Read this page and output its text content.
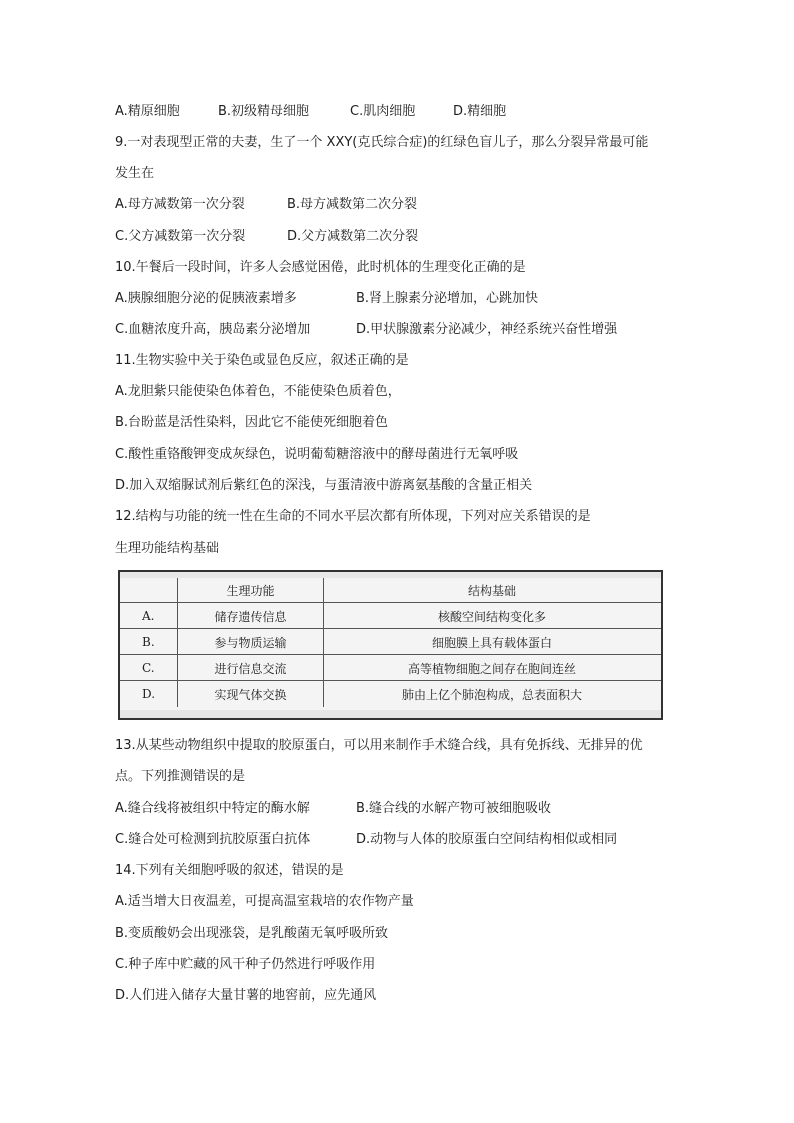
A.精原细胞	B.初级精母细胞	C.肌肉细胞	D.精细胞
9.一对表现型正常的夫妻，生了一个 XXY(克氏综合症)的红绿色盲儿子，那么分裂异常最可能
发生在
A.母方减数第一次分裂	B.母方减数第二次分裂
C.父方减数第一次分裂	D.父方减数第二次分裂
10.午餐后一段时间，许多人会感觉困倦，此时机体的生理变化正确的是
A.胰腺细胞分泌的促胰液素增多	B.肾上腺素分泌增加，心跳加快
C.血糖浓度升高，胰岛素分泌增加	D.甲状腺激素分泌减少，神经系统兴奋性增强
11.生物实验中关于染色或显色反应，叙述正确的是
A.龙胆紫只能使染色体着色，不能使染色质着色，
B.台盼蓝是活性染料，因此它不能使死细胞着色
C.酸性重铬酸钾变成灰绿色，说明葡萄糖溶液中的酵母菌进行无氧呼吸
D.加入双缩脲试剂后紫红色的深浅，与蛋清液中游离氨基酸的含量正相关
12.结构与功能的统一性在生命的不同水平层次都有所体现，下列对应关系错误的是
生理功能结构基础
生理功能	结构基础
A.	储存遗传信息	核酸空间结构变化多
B.	参与物质运输	细胞膜上具有载体蛋白
C.	进行信息交流	高等植物细胞之间存在胞间连丝
D.	实现气体交换	肺由上亿个肺泡构成，总表面积大
13.从某些动物组织中提取的胶原蛋白，可以用来制作手术缝合线，具有免拆线、无排异的优
点。下列推测错误的是
A.缝合线将被组织中特定的酶水解	B.缝合线的水解产物可被细胞吸收
C.缝合处可检测到抗胶原蛋白抗体	D.动物与人体的胶原蛋白空间结构相似或相同
14.下列有关细胞呼吸的叙述，错误的是
A.适当增大日夜温差，可提高温室栽培的农作物产量
B.变质酸奶会出现涨袋，是乳酸菌无氧呼吸所致
C.种子库中贮藏的风干种子仍然进行呼吸作用
D.人们进入储存大量甘薯的地窖前，应先通风
